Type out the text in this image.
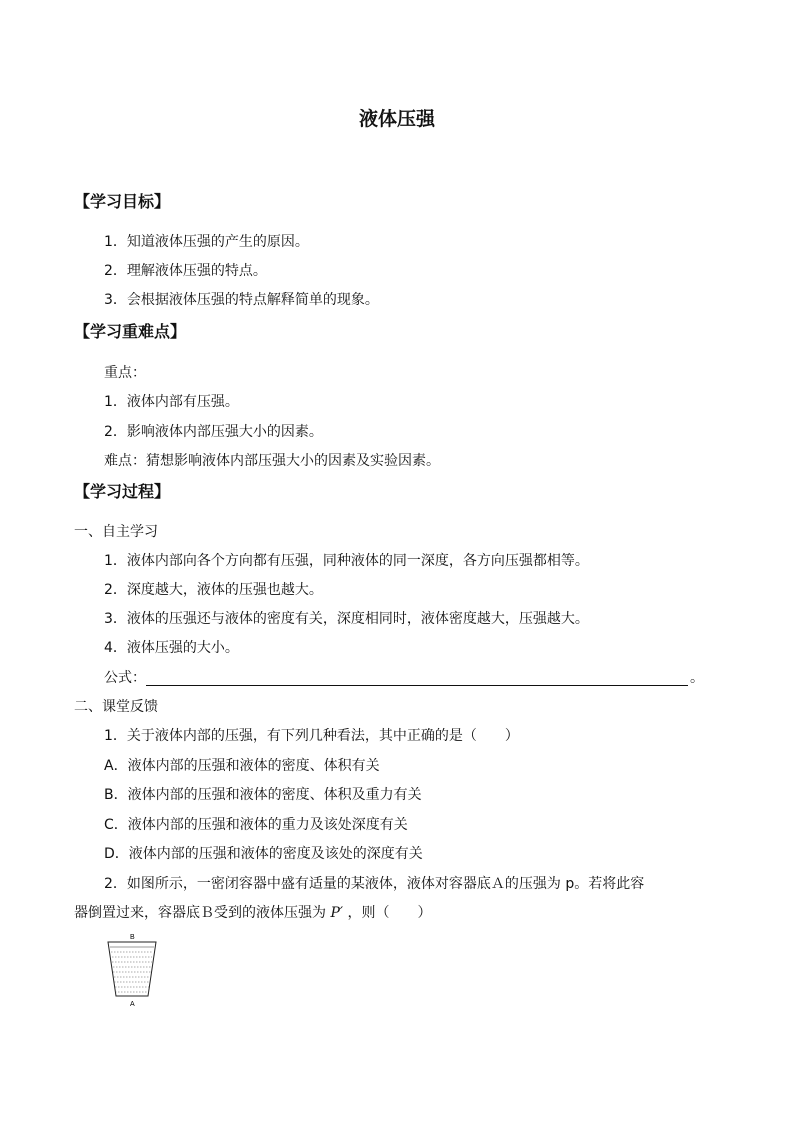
液体压强
【学习目标】
1．知道液体压强的产生的原因。
2．理解液体压强的特点。
3．会根据液体压强的特点解释简单的现象。
【学习重难点】
重点：
1．液体内部有压强。
2．影响液体内部压强大小的因素。
难点：猜想影响液体内部压强大小的因素及实验因素。
【学习过程】
一、自主学习
1．液体内部向各个方向都有压强，同种液体的同一深度，各方向压强都相等。
2．深度越大，液体的压强也越大。
3．液体的压强还与液体的密度有关，深度相同时，液体密度越大，压强越大。
4．液体压强的大小。
公式：	。
二、课堂反馈
1．关于液体内部的压强，有下列几种看法，其中正确的是（　　）
A．液体内部的压强和液体的密度、体积有关
B．液体内部的压强和液体的密度、体积及重力有关
C．液体内部的压强和液体的重力及该处深度有关
D．液体内部的压强和液体的密度及该处的深度有关
2．如图所示，一密闭容器中盛有适量的某液体，液体对容器底Ａ的压强为 p。若将此容
器倒置过来，容器底Ｂ受到的液体压强为 P′ ，则（　　）
B
A
